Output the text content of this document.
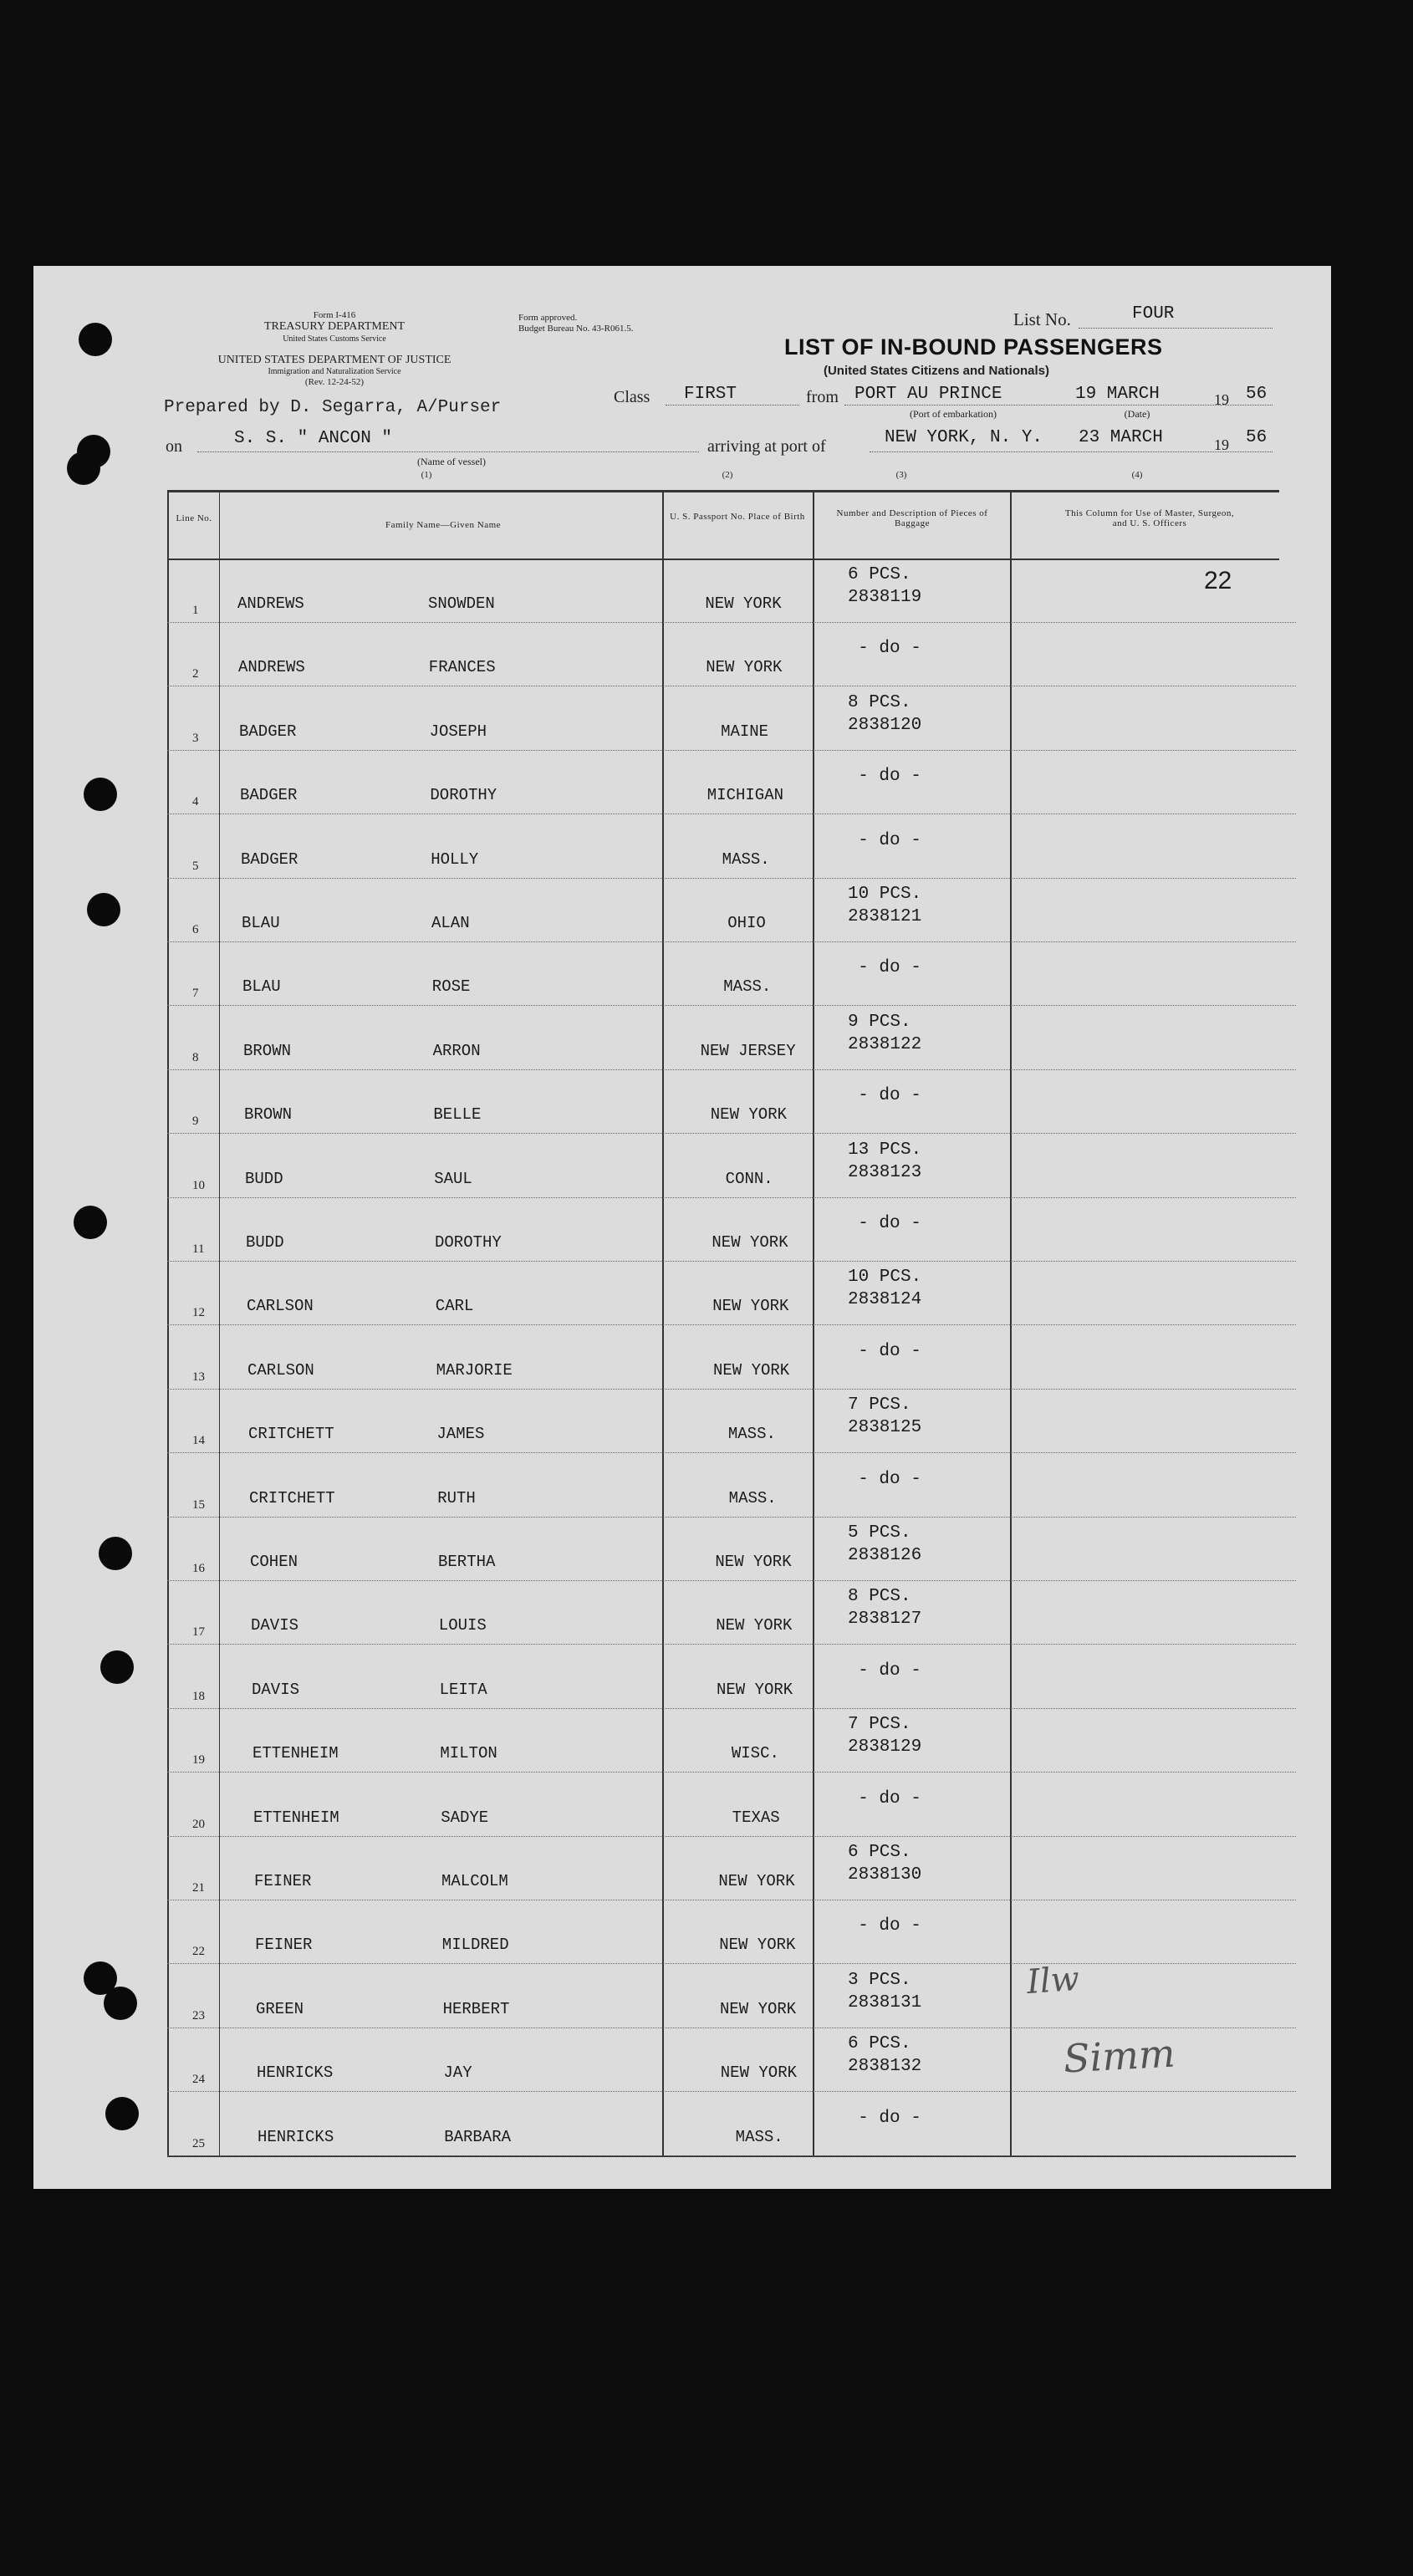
Form I-416
TREASURY DEPARTMENT
United States Customs Service
UNITED STATES DEPARTMENT OF JUSTICE
Immigration and Naturalization Service
(Rev. 12-24-52)
Form approved.
Budget Bureau No. 43-R061.5.	List No.	FOUR
LIST OF IN-BOUND PASSENGERS
(United States Citizens and Nationals)
Prepared by D. Segarra, A/Purser
Class FIRST	from PORT AU PRINCE	19 MARCH	19 56
(Port of embarkation)	(Date)
on	S. S. " ANCON "
(Name of vessel)
arriving at port of	NEW YORK, N. Y. 23 MARCH	19 56
(1)	(2)	(3)	(4)
Line No.
Family Name—Given Name
U. S. Passport No. Place of Birth	Number and Description of Pieces of Baggage
This Column for Use of Master, Surgeon, and U. S. Officers
22
1	ANDREWS	SNOWDEN	NEW YORK
6 PCS.
2838119
2	ANDREWS	FRANCES	NEW YORK
- do -
3	BADGER	JOSEPH	MAINE
8 PCS.
2838120
4	BADGER	DOROTHY	MICHIGAN
- do -
5	BADGER	HOLLY	MASS.
- do -
6	BLAU	ALAN	OHIO
10 PCS.
2838121
7	BLAU	ROSE	MASS.
- do -
8	BROWN	ARRON	NEW JERSEY
9 PCS.
2838122
9	BROWN	BELLE	NEW YORK
- do -
10	BUDD	SAUL	CONN.
13 PCS.
2838123
11	BUDD	DOROTHY	NEW YORK
- do -
12	CARLSON	CARL	NEW YORK
10 PCS.
2838124
13	CARLSON	MARJORIE	NEW YORK
- do -
14	CRITCHETT	JAMES	MASS.
7 PCS.
2838125
15	CRITCHETT	RUTH	MASS.
- do -
16	COHEN	BERTHA	NEW YORK
5 PCS.
2838126
17	DAVIS	LOUIS	NEW YORK
8 PCS.
2838127
18	DAVIS	LEITA	NEW YORK
- do -
19	ETTENHEIM	MILTON	WISC.
7 PCS.
2838129
20	ETTENHEIM	SADYE	TEXAS
- do -
21	FEINER	MALCOLM	NEW YORK
6 PCS.
2838130
22	FEINER	MILDRED	NEW YORK
- do -
23	GREEN	HERBERT	NEW YORK
3 PCS.
2838131
24	HENRICKS	JAY	NEW YORK
6 PCS.
2838132
25	HENRICKS	BARBARA	MASS.
- do -
Ilw
Simm
